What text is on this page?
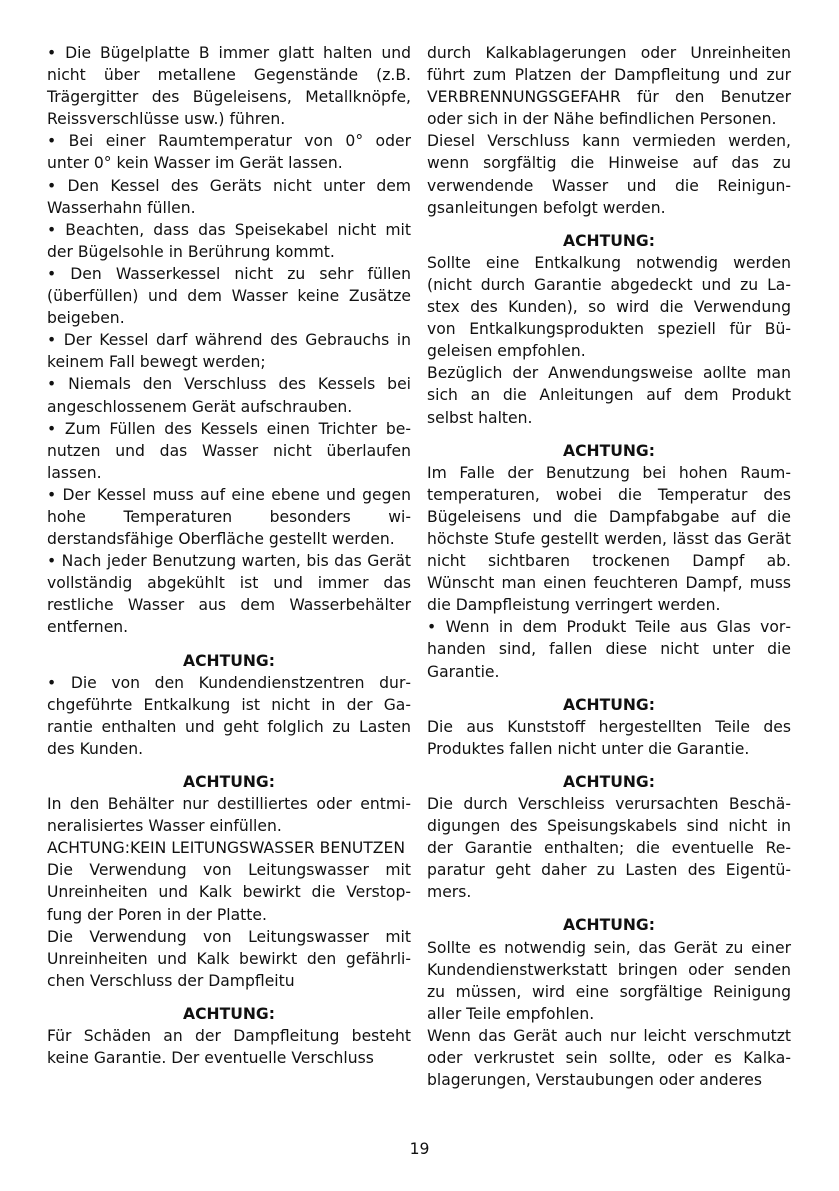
• Die Bügelplatte B immer glatt halten und nicht über metallene Gegenstände (z.B. Trägergitter des Bügeleisens, Metallknöpfe, Reissverschlüsse usw.) führen.

• Bei einer Raumtemperatur von 0° oder unter 0° kein Wasser im Gerät lassen.

• Den Kessel des Geräts nicht unter dem Wasserhahn füllen.

• Beachten, dass das Speisekabel nicht mit der Bügelsohle in Berührung kommt.

• Den Wasserkessel nicht zu sehr füllen (überfüllen) und dem Wasser keine Zusätze beigeben.

• Der Kessel darf während des Gebrauchs in keinem Fall bewegt werden;

• Niemals den Verschluss des Kessels bei angeschlossenem Gerät aufschrauben.

• Zum Füllen des Kessels einen Trichter benutzen und das Wasser nicht überlaufen lassen.

• Der Kessel muss auf eine ebene und gegen hohe Temperaturen besonders widerstandsfähige Oberfläche gestellt werden.

• Nach jeder Benutzung warten, bis das Gerät vollständig abgekühlt ist und immer das restliche Wasser aus dem Wasserbehälter entfernen.

ACHTUNG:

• Die von den Kundendienstzentren durchgeführte Entkalkung ist nicht in der Garantie enthalten und geht folglich zu Lasten des Kunden.

ACHTUNG:

In den Behälter nur destilliertes oder entmineralisiertes Wasser einfüllen.

ACHTUNG:KEIN LEITUNGSWASSER BENUTZEN

Die Verwendung von Leitungswasser mit Unreinheiten und Kalk bewirkt die Verstopfung der Poren in der Platte.

Die Verwendung von Leitungswasser mit Unreinheiten und Kalk bewirkt den gefährlichen Verschluss der Dampfleitu

ACHTUNG:

Für Schäden an der Dampfleitung besteht keine Garantie. Der eventuelle Verschluss

durch Kalkablagerungen oder Unreinheiten führt zum Platzen der Dampfleitung und zur VERBRENNUNGSGEFAHR für den Benutzer oder sich in der Nähe befindlichen Personen.

Diesel Verschluss kann vermieden werden, wenn sorgfältig die Hinweise auf das zu verwendende Wasser und die Reinigungsanleitungen befolgt werden.

ACHTUNG:

Sollte eine Entkalkung notwendig werden (nicht durch Garantie abgedeckt und zu Lastex des Kunden), so wird die Verwendung von Entkalkungsprodukten speziell für Bügeleisen empfohlen.

Bezüglich der Anwendungsweise aollte man sich an die Anleitungen auf dem Produkt selbst halten.

ACHTUNG:

Im Falle der Benutzung bei hohen Raumtemperaturen, wobei die Temperatur des Bügeleisens und die Dampfabgabe auf die höchste Stufe gestellt werden, lässt das Gerät nicht sichtbaren trockenen Dampf ab. Wünscht man einen feuchteren Dampf, muss die Dampfleistung verringert werden.

• Wenn in dem Produkt Teile aus Glas vorhanden sind, fallen diese nicht unter die Garantie.

ACHTUNG:

Die aus Kunststoff hergestellten Teile des Produktes fallen nicht unter die Garantie.

ACHTUNG:

Die durch Verschleiss verursachten Beschädigungen des Speisungskabels sind nicht in der Garantie enthalten; die eventuelle Reparatur geht daher zu Lasten des Eigentümers.

ACHTUNG:

Sollte es notwendig sein, das Gerät zu einer Kundendienstwerkstatt bringen oder senden zu müssen, wird eine sorgfältige Reinigung aller Teile empfohlen.

Wenn das Gerät auch nur leicht verschmutzt oder verkrustet sein sollte, oder es Kalkablagerungen, Verstaubungen oder anderes

19
